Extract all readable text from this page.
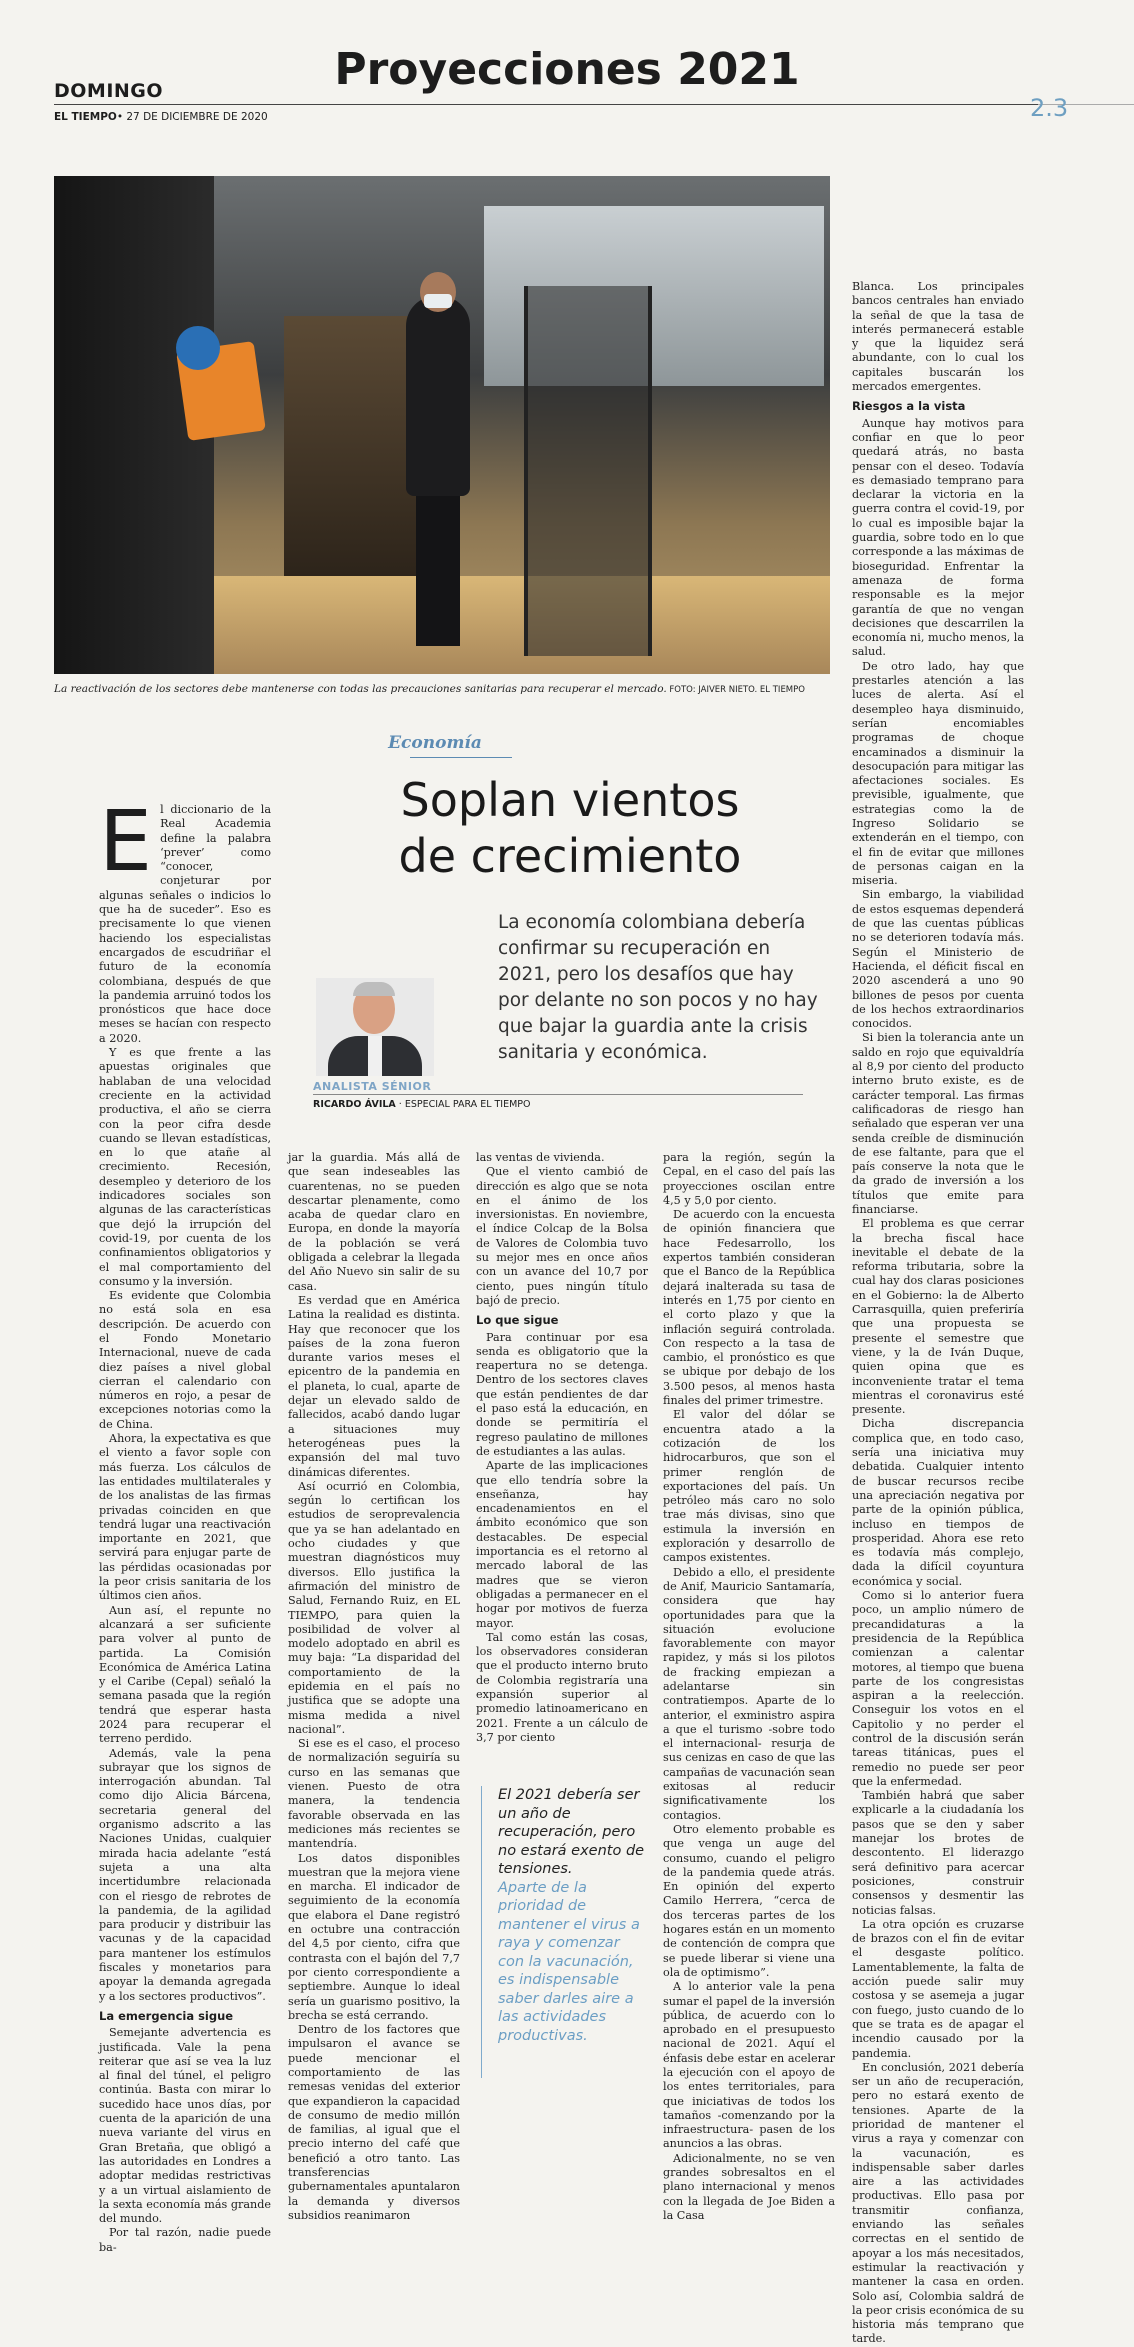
Proyecciones 2021
DOMINGO
EL TIEMPO• 27 DE DICIEMBRE DE 2020	2.3
La reactivación de los sectores debe mantenerse con todas las precauciones sanitarias para recuperar el mercado. FOTO: JAIVER NIETO. EL TIEMPO
Economía
Soplan vientos
de crecimiento
La economía colombiana debería confirmar su recuperación en 2021, pero los desafíos que hay por delante no son pocos y no hay que bajar la guardia ante la crisis sanitaria y económica.
ANALISTA SÉNIOR
RICARDO ÁVILA · ESPECIAL PARA EL TIEMPO
E l diccionario de la Real Academia define la palabra ‘prever’ como “conocer, conjeturar por algunas señales o indicios lo que ha de suceder”. Eso es precisamente lo que vienen haciendo los especialistas encargados de escudriñar el futuro de la economía colombiana, después de que la pandemia arruinó todos los pronósticos que hace doce meses se hacían con respecto a 2020.

Y es que frente a las apuestas originales que hablaban de una velocidad creciente en la actividad productiva, el año se cierra con la peor cifra desde cuando se llevan estadísticas, en lo que atañe al crecimiento. Recesión, desempleo y deterioro de los indicadores sociales son algunas de las características que dejó la irrupción del covid-19, por cuenta de los confinamientos obligatorios y el mal comportamiento del consumo y la inversión.

Es evidente que Colombia no está sola en esa descripción. De acuerdo con el Fondo Monetario Internacional, nueve de cada diez países a nivel global cierran el calendario con números en rojo, a pesar de excepciones notorias como la de China.

Ahora, la expectativa es que el viento a favor sople con más fuerza. Los cálculos de las entidades multilaterales y de los analistas de las firmas privadas coinciden en que tendrá lugar una reactivación importante en 2021, que servirá para enjugar parte de las pérdidas ocasionadas por la peor crisis sanitaria de los últimos cien años.

Aun así, el repunte no alcanzará a ser suficiente para volver al punto de partida. La Comisión Económica de América Latina y el Caribe (Cepal) señaló la semana pasada que la región tendrá que esperar hasta 2024 para recuperar el terreno perdido.

Además, vale la pena subrayar que los signos de interrogación abundan. Tal como dijo Alicia Bárcena, secretaria general del organismo adscrito a las Naciones Unidas, cualquier mirada hacia adelante “está sujeta a una alta incertidumbre relacionada con el riesgo de rebrotes de la pandemia, de la agilidad para producir y distribuir las vacunas y de la capacidad para mantener los estímulos fiscales y monetarios para apoyar la demanda agregada y a los sectores productivos”.

La emergencia sigue

Semejante advertencia es justificada. Vale la pena reiterar que así se vea la luz al final del túnel, el peligro continúa. Basta con mirar lo sucedido hace unos días, por cuenta de la aparición de una nueva variante del virus en Gran Bretaña, que obligó a las autoridades en Londres a adoptar medidas restrictivas y a un virtual aislamiento de la sexta economía más grande del mundo.

Por tal razón, nadie puede ba-

jar la guardia. Más allá de que sean indeseables las cuarentenas, no se pueden descartar plenamente, como acaba de quedar claro en Europa, en donde la mayoría de la población se verá obligada a celebrar la llegada del Año Nuevo sin salir de su casa.

Es verdad que en América Latina la realidad es distinta. Hay que reconocer que los países de la zona fueron durante varios meses el epicentro de la pandemia en el planeta, lo cual, aparte de dejar un elevado saldo de fallecidos, acabó dando lugar a situaciones muy heterogéneas pues la expansión del mal tuvo dinámicas diferentes.

Así ocurrió en Colombia, según lo certifican los estudios de seroprevalencia que ya se han adelantado en ocho ciudades y que muestran diagnósticos muy diversos. Ello justifica la afirmación del ministro de Salud, Fernando Ruiz, en EL TIEMPO, para quien la posibilidad de volver al modelo adoptado en abril es muy baja: “La disparidad del comportamiento de la epidemia en el país no justifica que se adopte una misma medida a nivel nacional”.

Si ese es el caso, el proceso de normalización seguiría su curso en las semanas que vienen. Puesto de otra manera, la tendencia favorable observada en las mediciones más recientes se mantendría.

Los datos disponibles muestran que la mejora viene en marcha. El indicador de seguimiento de la economía que elabora el Dane registró en octubre una contracción del 4,5 por ciento, cifra que contrasta con el bajón del 7,7 por ciento correspondiente a septiembre. Aunque lo ideal sería un guarismo positivo, la brecha se está cerrando.

Dentro de los factores que impulsaron el avance se puede mencionar el comportamiento de las remesas venidas del exterior que expandieron la capacidad de consumo de medio millón de familias, al igual que el precio interno del café que benefició a otro tanto. Las transferencias gubernamentales apuntalaron la demanda y diversos subsidios reanimaron

las ventas de vivienda.

Que el viento cambió de dirección es algo que se nota en el ánimo de los inversionistas. En noviembre, el índice Colcap de la Bolsa de Valores de Colombia tuvo su mejor mes en once años con un avance del 10,7 por ciento, pues ningún título bajó de precio.

Lo que sigue

Para continuar por esa senda es obligatorio que la reapertura no se detenga. Dentro de los sectores claves que están pendientes de dar el paso está la educación, en donde se permitiría el regreso paulatino de millones de estudiantes a las aulas.

Aparte de las implicaciones que ello tendría sobre la enseñanza, hay encadenamientos en el ámbito económico que son destacables. De especial importancia es el retorno al mercado laboral de las madres que se vieron obligadas a permanecer en el hogar por motivos de fuerza mayor.

Tal como están las cosas, los observadores consideran que el producto interno bruto de Colombia registraría una expansión superior al promedio latinoamericano en 2021. Frente a un cálculo de 3,7 por ciento

El 2021 debería ser un año de recuperación, pero no estará exento de tensiones.
Aparte de la prioridad de mantener el virus a raya y comenzar con la vacunación, es indispensable saber darles aire a las actividades productivas.

para la región, según la Cepal, en el caso del país las proyecciones oscilan entre 4,5 y 5,0 por ciento.

De acuerdo con la encuesta de opinión financiera que hace Fedesarrollo, los expertos también consideran que el Banco de la República dejará inalterada su tasa de interés en 1,75 por ciento en el corto plazo y que la inflación seguirá controlada. Con respecto a la tasa de cambio, el pronóstico es que se ubique por debajo de los 3.500 pesos, al menos hasta finales del primer trimestre.

El valor del dólar se encuentra atado a la cotización de los hidrocarburos, que son el primer renglón de exportaciones del país. Un petróleo más caro no solo trae más divisas, sino que estimula la inversión en exploración y desarrollo de campos existentes.

Debido a ello, el presidente de Anif, Mauricio Santamaría, considera que hay oportunidades para que la situación evolucione favorablemente con mayor rapidez, y más si los pilotos de fracking empiezan a adelantarse sin contratiempos. Aparte de lo anterior, el exministro aspira a que el turismo -sobre todo el internacional- resurja de sus cenizas en caso de que las campañas de vacunación sean exitosas al reducir significativamente los contagios.

Otro elemento probable es que venga un auge del consumo, cuando el peligro de la pandemia quede atrás. En opinión del experto Camilo Herrera, “cerca de dos terceras partes de los hogares están en un momento de contención de compra que se puede liberar si viene una ola de optimismo”.

A lo anterior vale la pena sumar el papel de la inversión pública, de acuerdo con lo aprobado en el presupuesto nacional de 2021. Aquí el énfasis debe estar en acelerar la ejecución con el apoyo de los entes territoriales, para que iniciativas de todos los tamaños -comenzando por la infraestructura- pasen de los anuncios a las obras.

Adicionalmente, no se ven grandes sobresaltos en el plano internacional y menos con la llegada de Joe Biden a la Casa

Blanca. Los principales bancos centrales han enviado la señal de que la tasa de interés permanecerá estable y que la liquidez será abundante, con lo cual los capitales buscarán los mercados emergentes.

Riesgos a la vista

Aunque hay motivos para confiar en que lo peor quedará atrás, no basta pensar con el deseo. Todavía es demasiado temprano para declarar la victoria en la guerra contra el covid-19, por lo cual es imposible bajar la guardia, sobre todo en lo que corresponde a las máximas de bioseguridad. Enfrentar la amenaza de forma responsable es la mejor garantía de que no vengan decisiones que descarrilen la economía ni, mucho menos, la salud.

De otro lado, hay que prestarles atención a las luces de alerta. Así el desempleo haya disminuido, serían encomiables programas de choque encaminados a disminuir la desocupación para mitigar las afectaciones sociales. Es previsible, igualmente, que estrategias como la de Ingreso Solidario se extenderán en el tiempo, con el fin de evitar que millones de personas caigan en la miseria.

Sin embargo, la viabilidad de estos esquemas dependerá de que las cuentas públicas no se deterioren todavía más. Según el Ministerio de Hacienda, el déficit fiscal en 2020 ascenderá a uno 90 billones de pesos por cuenta de los hechos extraordinarios conocidos.

Si bien la tolerancia ante un saldo en rojo que equivaldría al 8,9 por ciento del producto interno bruto existe, es de carácter temporal. Las firmas calificadoras de riesgo han señalado que esperan ver una senda creíble de disminución de ese faltante, para que el país conserve la nota que le da grado de inversión a los títulos que emite para financiarse.

El problema es que cerrar la brecha fiscal hace inevitable el debate de la reforma tributaria, sobre la cual hay dos claras posiciones en el Gobierno: la de Alberto Carrasquilla, quien preferiría que una propuesta se presente el semestre que viene, y la de Iván Duque, quien opina que es inconveniente tratar el tema mientras el coronavirus esté presente.

Dicha discrepancia complica que, en todo caso, sería una iniciativa muy debatida. Cualquier intento de buscar recursos recibe una apreciación negativa por parte de la opinión pública, incluso en tiempos de prosperidad. Ahora ese reto es todavía más complejo, dada la difícil coyuntura económica y social.

Como si lo anterior fuera poco, un amplio número de precandidaturas a la presidencia de la República comienzan a calentar motores, al tiempo que buena parte de los congresistas aspiran a la reelección. Conseguir los votos en el Capitolio y no perder el control de la discusión serán tareas titánicas, pues el remedio no puede ser peor que la enfermedad.

También habrá que saber explicarle a la ciudadanía los pasos que se den y saber manejar los brotes de descontento. El liderazgo será definitivo para acercar posiciones, construir consensos y desmentir las noticias falsas.

La otra opción es cruzarse de brazos con el fin de evitar el desgaste político. Lamentablemente, la falta de acción puede salir muy costosa y se asemeja a jugar con fuego, justo cuando de lo que se trata es de apagar el incendio causado por la pandemia.

En conclusión, 2021 debería ser un año de recuperación, pero no estará exento de tensiones. Aparte de la prioridad de mantener el virus a raya y comenzar con la vacunación, es indispensable saber darles aire a las actividades productivas. Ello pasa por transmitir confianza, enviando las señales correctas en el sentido de apoyar a los más necesitados, estimular la reactivación y mantener la casa en orden. Solo así, Colombia saldrá de la peor crisis económica de su historia más temprano que tarde.
